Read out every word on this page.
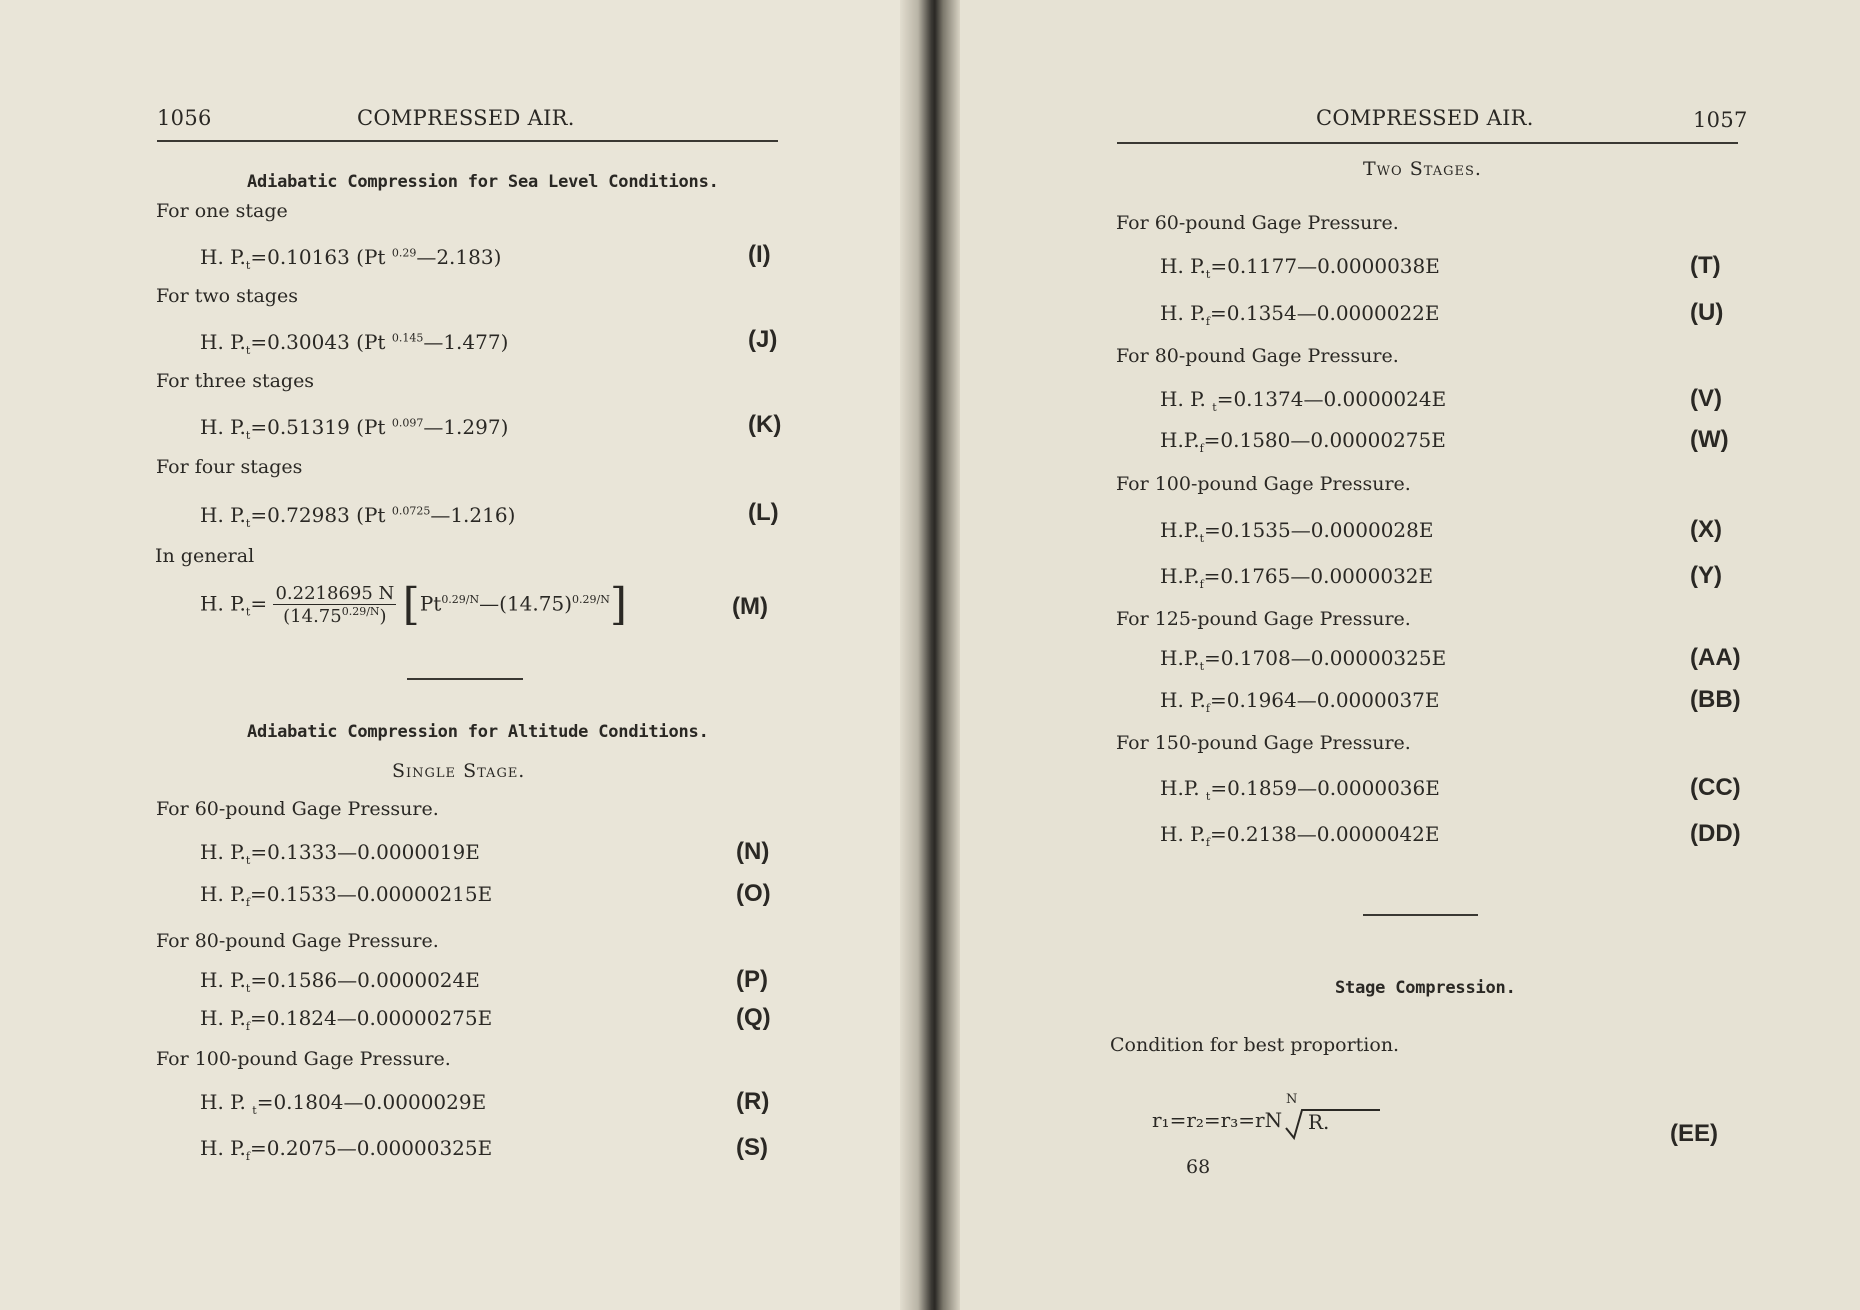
1056	COMPRESSED AIR.
Adiabatic Compression for Sea Level Conditions.
For one stage
H. $P._t=0.10163$ (Pt $^{0.29}$—2.183)	(I)
For two stages
H. $P._t=0.30043$ (Pt $^{0.145}$—1.477)	(J)
For three stages
H. $P._t=0.51319$ (Pt $^{0.097}$—1.297)	(K)
For four stages
H. $P._t=0.72983$ (Pt $^{0.0725}$—1.216)	(L)
Adiabatic Compression for Altitude Conditions.
Single Stage.
For 60-pound Gage Pressure.
H. $P._t=0.1333—0.0000019E$	(N)
H. $P._f=0.1533—0.00000215E$	(O)
For 80-pound Gage Pressure.
H. $P._t=0.1586—0.0000024E$	(P)
H. $P._f=0.1824—0.00000275E$	(Q)
For 100-pound Gage Pressure.
H. P. $_t$=0.1804—0.0000029E	(R)
H. $P._f=0.2075—0.00000325E$	(S)
In general
H. $P._t= \frac{0.2218695 N}{(14.75^{0.29/N})}$ $[Pt^{0.29/N}—(14.75)^{0.29/N}]$	(M)
COMPRESSED AIR.	1057
Two Stages.
For 60-pound Gage Pressure.
H. $P._t=0.1177—0.0000038E$	(T)
H. $P._f=0.1354—0.0000022E$	(U)
For 80-pound Gage Pressure.
H. P. $_t$=0.1374—0.0000024E	(V)
$H.P._f=0.1580—0.00000275E$	(W)
For 100-pound Gage Pressure.
$H.P._t=0.1535—0.0000028E$	(X)
$H.P._f=0.1765—0.0000032E$	(Y)
For 125-pound Gage Pressure.
$H.P._t=0.1708—0.00000325E$	(AA)
H. $P._f=0.1964—0.0000037E$	(BB)
For 150-pound Gage Pressure.
H.P. $_t$=0.1859—0.0000036E	(CC)
H. $P._f=0.2138—0.0000042E$	(DD)
Stage Compression.
Condition for best proportion.
r₁=r₂=r₃=rN
N
R.	(EE)
68
